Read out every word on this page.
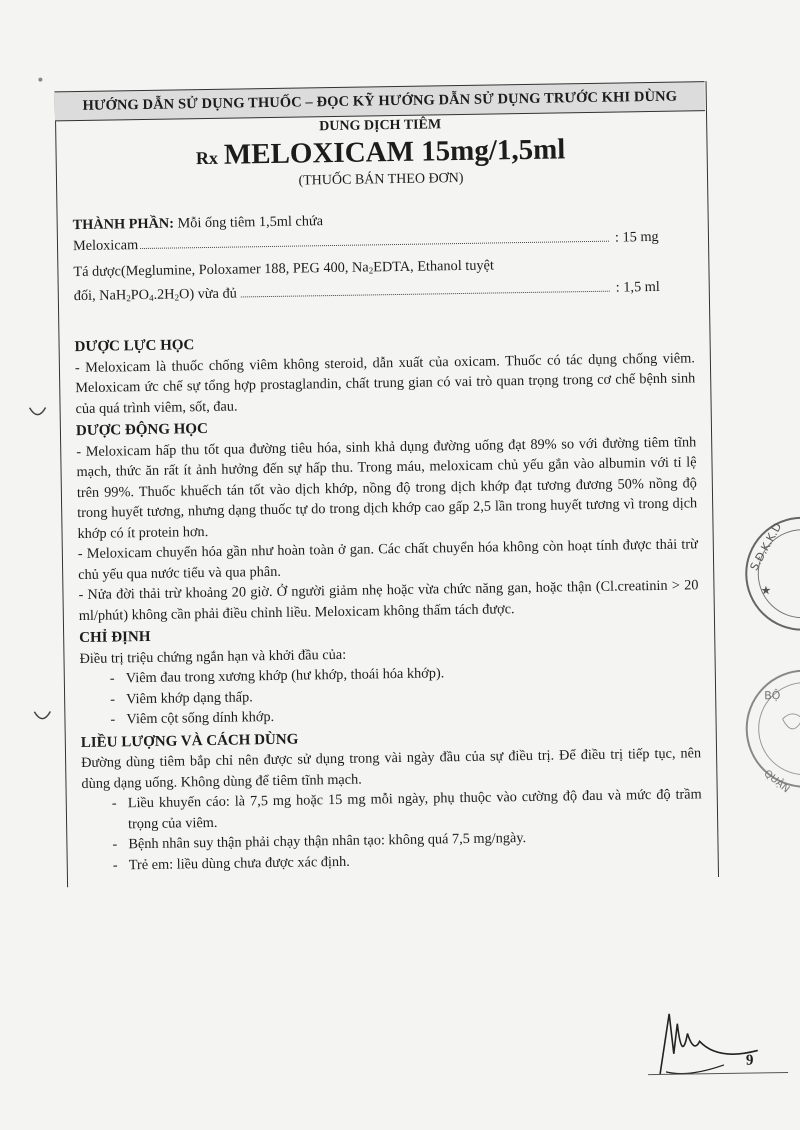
HƯỚNG DẪN SỬ DỤNG THUỐC – ĐỌC KỸ HƯỚNG DẪN SỬ DỤNG TRƯỚC KHI DÙNG
DUNG DỊCH TIÊM
Rx MELOXICAM 15mg/1,5ml
(THUỐC BÁN THEO ĐƠN)
THÀNH PHẦN: Mỗi ống tiêm 1,5ml chứa
Meloxicam	: 15 mg
Tá dược(Meglumine, Poloxamer 188, PEG 400, $Na_2EDTA$, Ethanol tuyệt
đối, $NaH_2PO_4.2H_2O$) vừa đủ	: 1,5 ml
DƯỢC LỰC HỌC

- Meloxicam là thuốc chống viêm không steroid, dẫn xuất của oxicam. Thuốc có tác dụng chống viêm. Meloxicam ức chế sự tổng hợp prostaglandin, chất trung gian có vai trò quan trọng trong cơ chế bệnh sinh của quá trình viêm, sốt, đau.

DƯỢC ĐỘNG HỌC

- Meloxicam hấp thu tốt qua đường tiêu hóa, sinh khả dụng đường uống đạt 89% so với đường tiêm tĩnh mạch, thức ăn rất ít ảnh hưởng đến sự hấp thu. Trong máu, meloxicam chủ yếu gắn vào albumin với tỉ lệ trên 99%. Thuốc khuếch tán tốt vào dịch khớp, nồng độ trong dịch khớp đạt tương đương 50% nồng độ trong huyết tương, nhưng dạng thuốc tự do trong dịch khớp cao gấp 2,5 lần trong huyết tương vì trong dịch khớp có ít protein hơn.

- Meloxicam chuyển hóa gần như hoàn toàn ở gan. Các chất chuyển hóa không còn hoạt tính được thải trừ chủ yếu qua nước tiểu và qua phân.

- Nửa đời thải trừ khoảng 20 giờ. Ở người giảm nhẹ hoặc vừa chức năng gan, hoặc thận (Cl.creatinin > 20 ml/phút) không cần phải điều chỉnh liều. Meloxicam không thấm tách được.

CHỈ ĐỊNH

Điều trị triệu chứng ngắn hạn và khởi đầu của:

- Viêm đau trong xương khớp (hư khớp, thoái hóa khớp).
- Viêm khớp dạng thấp.
- Viêm cột sống dính khớp.
LIỀU LƯỢNG VÀ CÁCH DÙNG

Đường dùng tiêm bắp chỉ nên được sử dụng trong vài ngày đầu của sự điều trị. Để điều trị tiếp tục, nên dùng dạng uống. Không dùng để tiêm tĩnh mạch.

- Liều khuyến cáo: là 7,5 mg hoặc 15 mg mỗi ngày, phụ thuộc vào cường độ đau và mức độ trầm trọng của viêm.
- Bệnh nhân suy thận phải chạy thận nhân tạo: không quá 7,5 mg/ngày.
- Trẻ em: liều dùng chưa được xác định.
S.Đ.K.K.D
★
BỘ
QUẬN
9
